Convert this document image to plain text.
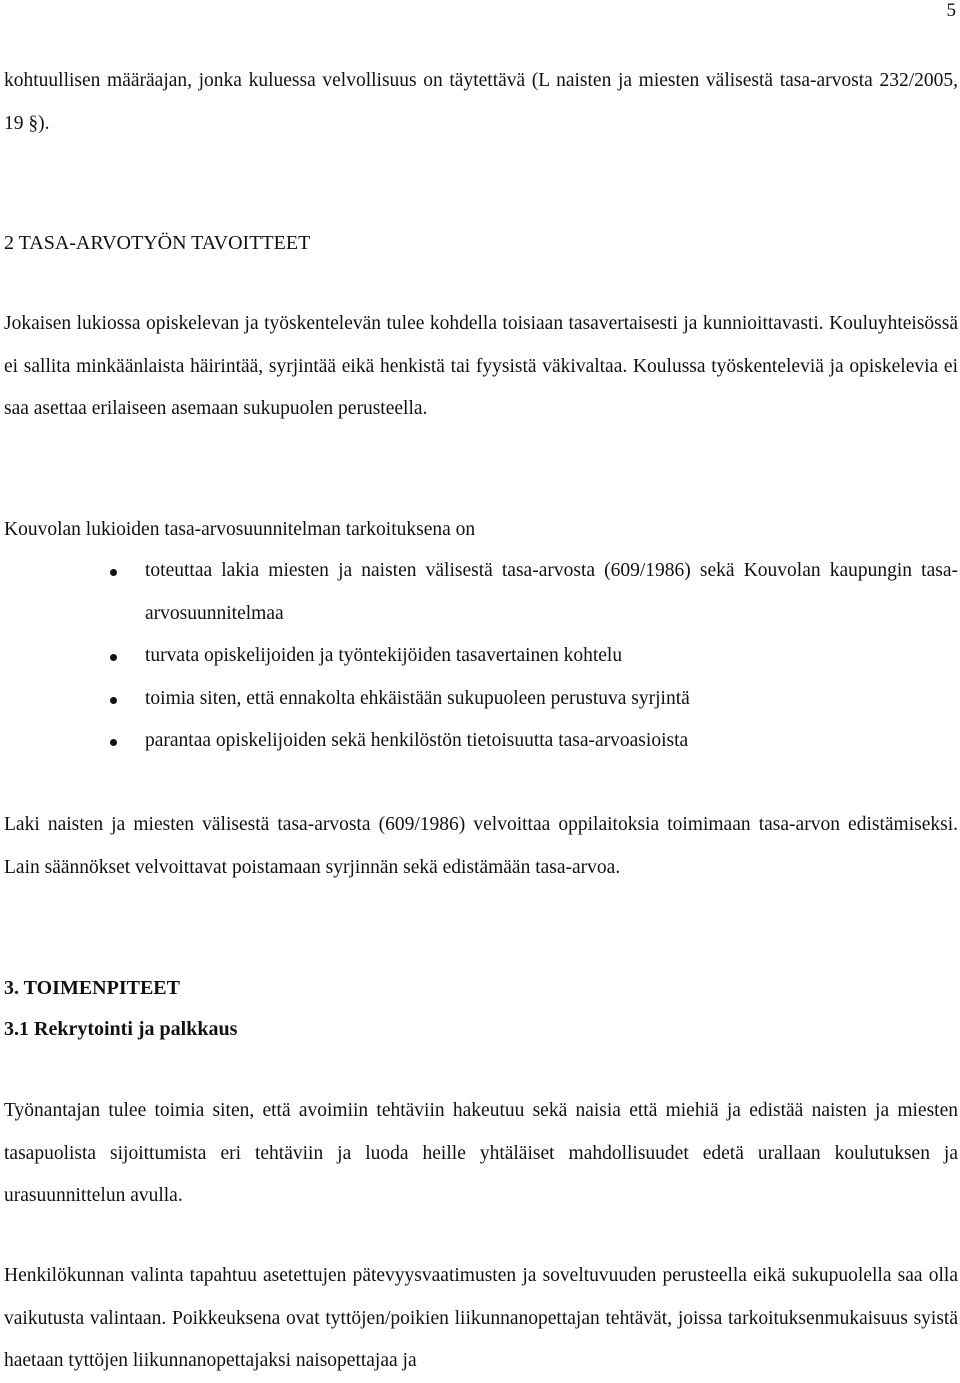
5

kohtuullisen määräajan, jonka kuluessa velvollisuus on täytettävä (L naisten ja miesten välisestä tasa-arvosta 232/2005, 19 §).

2 TASA-ARVOTYÖN TAVOITTEET

Jokaisen lukiossa opiskelevan ja työskentelevän tulee kohdella toisiaan tasavertaisesti ja kunnioittavasti. Kouluyhteisössä ei sallita minkäänlaista häirintää, syrjintää eikä henkistä tai fyysistä väkivaltaa. Koulussa työskenteleviä ja opiskelevia ei saa asettaa erilaiseen asemaan sukupuolen perusteella.

Kouvolan lukioiden tasa-arvosuunnitelman tarkoituksena on

toteuttaa lakia miesten ja naisten välisestä tasa-arvosta (609/1986) sekä Kouvolan kaupungin tasa-arvosuunnitelmaa
turvata opiskelijoiden ja työntekijöiden tasavertainen kohtelu
toimia siten, että ennakolta ehkäistään sukupuoleen perustuva syrjintä
parantaa opiskelijoiden sekä henkilöstön tietoisuutta tasa-arvoasioista

Laki naisten ja miesten välisestä tasa-arvosta (609/1986) velvoittaa oppilaitoksia toimimaan tasa-arvon edistämiseksi. Lain säännökset velvoittavat poistamaan syrjinnän sekä edistämään tasa-arvoa.

3. TOIMENPITEET
3.1 Rekrytointi ja palkkaus

Työnantajan tulee toimia siten, että avoimiin tehtäviin hakeutuu sekä naisia että miehiä ja edistää naisten ja miesten tasapuolista sijoittumista eri tehtäviin ja luoda heille yhtäläiset mahdollisuudet edetä urallaan koulutuksen ja urasuunnittelun avulla.

Henkilökunnan valinta tapahtuu asetettujen pätevyysvaatimusten ja soveltuvuuden perusteella eikä sukupuolella saa olla vaikutusta valintaan. Poikkeuksena ovat tyttöjen/poikien liikunnanopettajan tehtävät, joissa tarkoituksenmukaisuus syistä haetaan tyttöjen liikunnanopettajaksi naisopettajaa ja
